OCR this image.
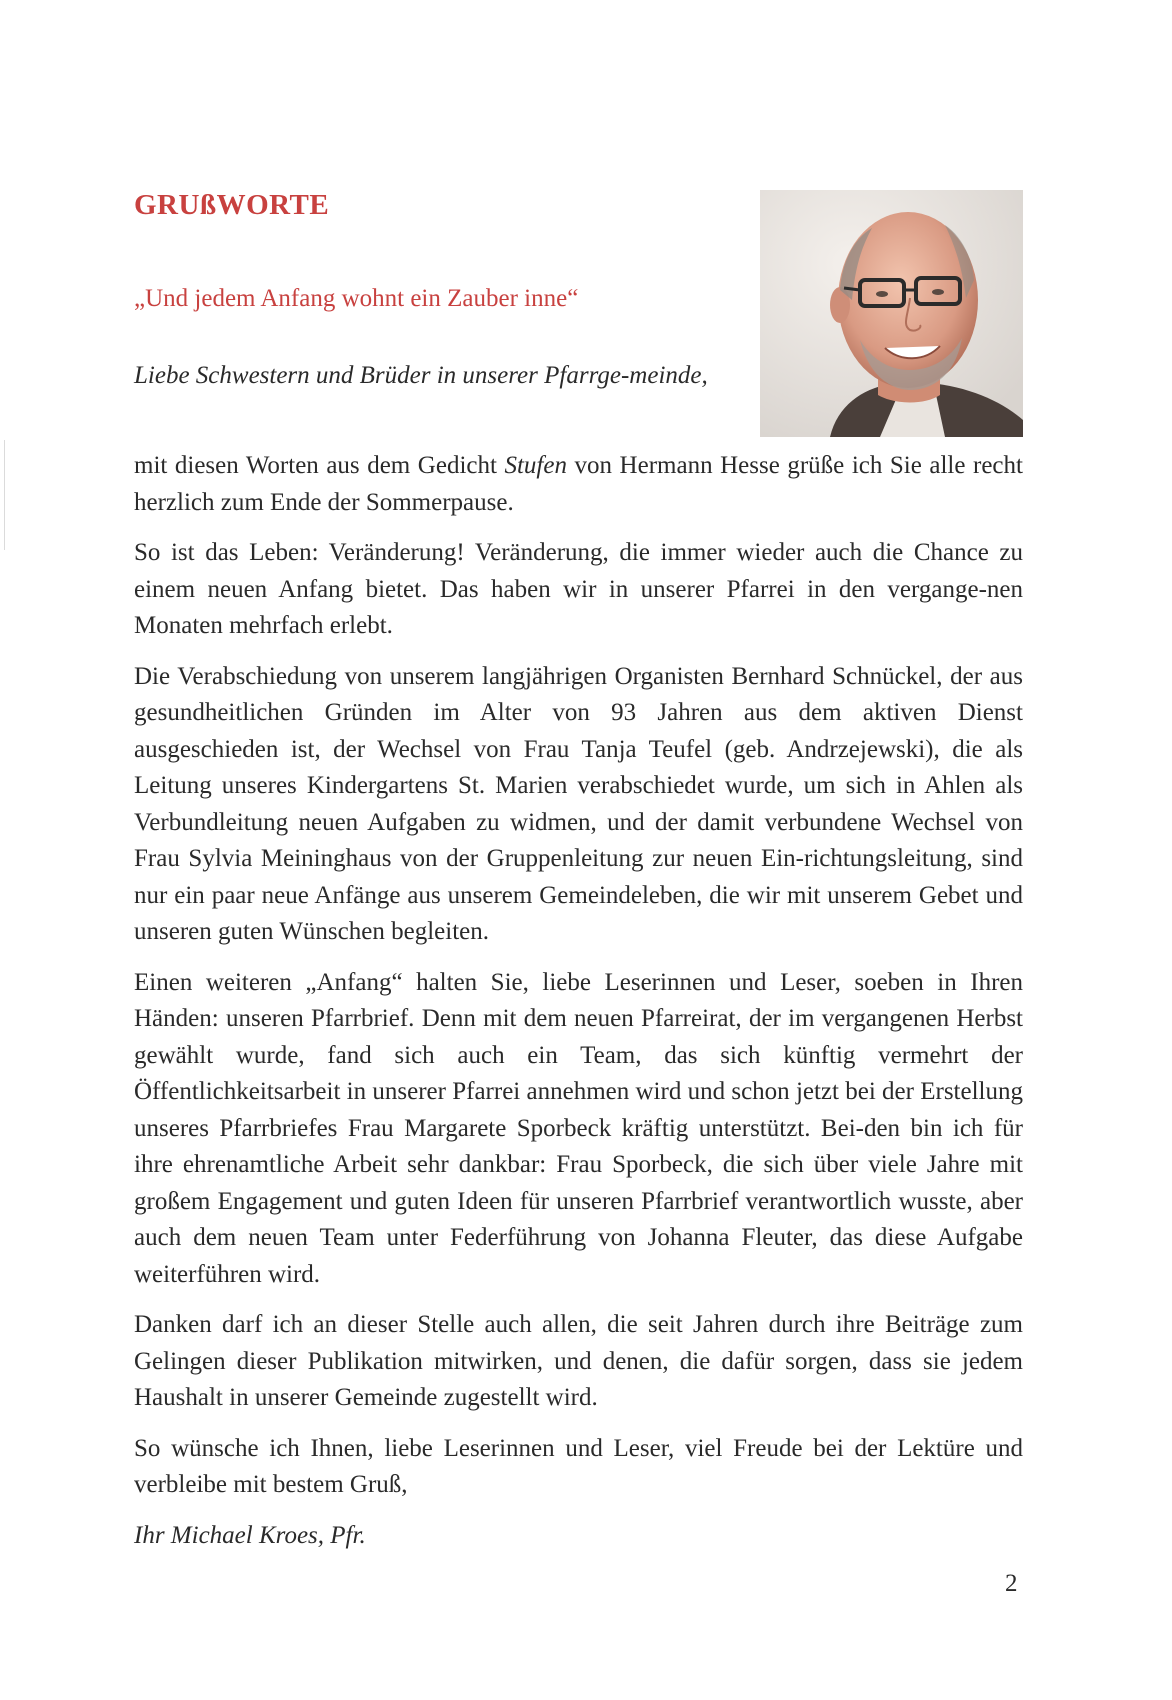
GRUßWORTE
„Und jedem Anfang wohnt ein Zauber inne“
Liebe Schwestern und Brüder in unserer Pfarrge-meinde,

mit diesen Worten aus dem Gedicht Stufen von Hermann Hesse grüße ich Sie alle recht herzlich zum Ende der Sommerpause.

So ist das Leben: Veränderung! Veränderung, die immer wieder auch die Chance zu einem neuen Anfang bietet. Das haben wir in unserer Pfarrei in den vergange-nen Monaten mehrfach erlebt.

Die Verabschiedung von unserem langjährigen Organisten Bernhard Schnückel, der aus gesundheitlichen Gründen im Alter von 93 Jahren aus dem aktiven Dienst ausgeschieden ist, der Wechsel von Frau Tanja Teufel (geb. Andrzejewski), die als Leitung unseres Kindergartens St. Marien verabschiedet wurde, um sich in Ahlen als Verbundleitung neuen Aufgaben zu widmen, und der damit verbundene Wechsel von Frau Sylvia Meininghaus von der Gruppenleitung zur neuen Ein-richtungsleitung, sind nur ein paar neue Anfänge aus unserem Gemeindeleben, die wir mit unserem Gebet und unseren guten Wünschen begleiten.

Einen weiteren „Anfang“ halten Sie, liebe Leserinnen und Leser, soeben in Ihren Händen: unseren Pfarrbrief. Denn mit dem neuen Pfarreirat, der im vergangenen Herbst gewählt wurde, fand sich auch ein Team, das sich künftig vermehrt der Öffentlichkeitsarbeit in unserer Pfarrei annehmen wird und schon jetzt bei der Erstellung unseres Pfarrbriefes Frau Margarete Sporbeck kräftig unterstützt. Bei-den bin ich für ihre ehrenamtliche Arbeit sehr dankbar: Frau Sporbeck, die sich über viele Jahre mit großem Engagement und guten Ideen für unseren Pfarrbrief verantwortlich wusste, aber auch dem neuen Team unter Federführung von Johanna Fleuter, das diese Aufgabe weiterführen wird.

Danken darf ich an dieser Stelle auch allen, die seit Jahren durch ihre Beiträge zum Gelingen dieser Publikation mitwirken, und denen, die dafür sorgen, dass sie jedem Haushalt in unserer Gemeinde zugestellt wird.

So wünsche ich Ihnen, liebe Leserinnen und Leser, viel Freude bei der Lektüre und verbleibe mit bestem Gruß,

Ihr Michael Kroes, Pfr.

2
